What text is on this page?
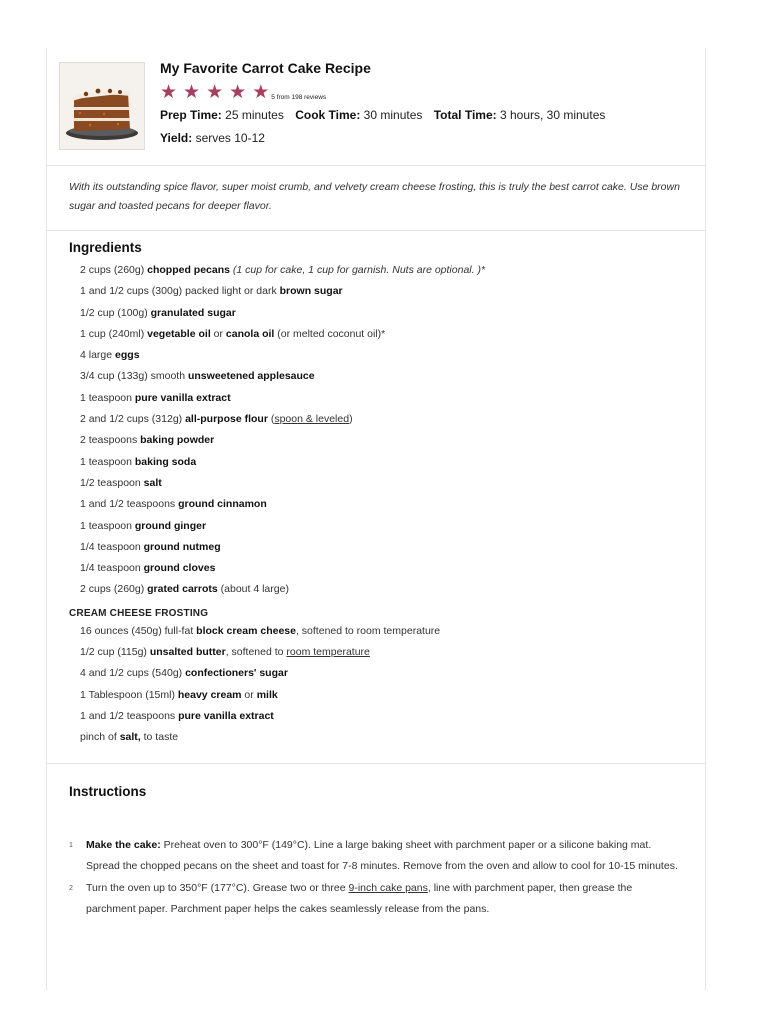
My Favorite Carrot Cake Recipe
★ ★ ★ ★ ★ 5 from 198 reviews
Prep Time: 25 minutes Cook Time: 30 minutes Total Time: 3 hours, 30 minutes
Yield: serves 10-12

With its outstanding spice flavor, super moist crumb, and velvety cream cheese frosting, this is truly the best carrot cake. Use brown sugar and toasted pecans for deeper flavor.

Ingredients
2 cups (260g) chopped pecans (1 cup for cake, 1 cup for garnish. Nuts are optional. )*
1 and 1/2 cups (300g) packed light or dark brown sugar
1/2 cup (100g) granulated sugar
1 cup (240ml) vegetable oil or canola oil (or melted coconut oil)*
4 large eggs
3/4 cup (133g) smooth unsweetened applesauce
1 teaspoon pure vanilla extract
2 and 1/2 cups (312g) all-purpose flour (spoon & leveled)
2 teaspoons baking powder
1 teaspoon baking soda
1/2 teaspoon salt
1 and 1/2 teaspoons ground cinnamon
1 teaspoon ground ginger
1/4 teaspoon ground nutmeg
1/4 teaspoon ground cloves
2 cups (260g) grated carrots (about 4 large)
CREAM CHEESE FROSTING
16 ounces (450g) full-fat block cream cheese, softened to room temperature
1/2 cup (115g) unsalted butter, softened to room temperature
4 and 1/2 cups (540g) confectioners' sugar
1 Tablespoon (15ml) heavy cream or milk
1 and 1/2 teaspoons pure vanilla extract
pinch of salt, to taste
Instructions
1 Make the cake: Preheat oven to 300°F (149°C). Line a large baking sheet with parchment paper or a silicone baking mat. Spread the chopped pecans on the sheet and toast for 7-8 minutes. Remove from the oven and allow to cool for 10-15 minutes.
2 Turn the oven up to 350°F (177°C). Grease two or three 9-inch cake pans, line with parchment paper, then grease the parchment paper. Parchment paper helps the cakes seamlessly release from the pans.
